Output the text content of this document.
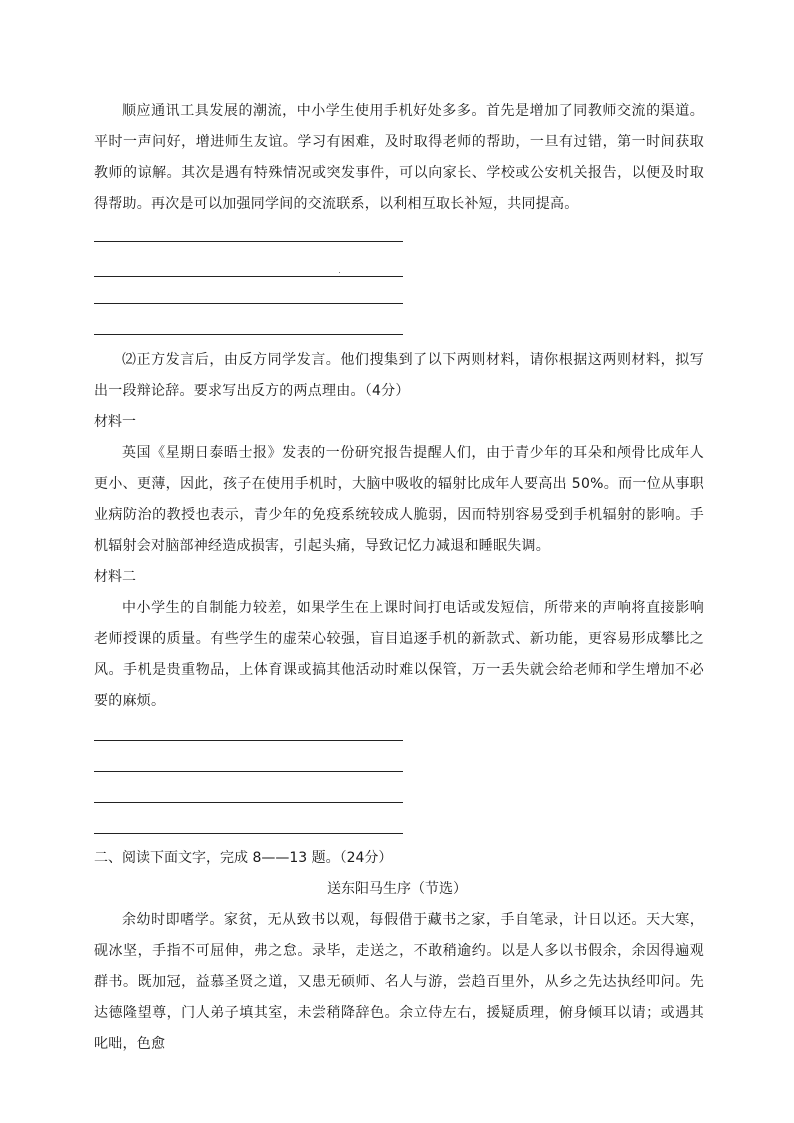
顺应通讯工具发展的潮流，中小学生使用手机好处多多。首先是增加了同教师交流的渠道。平时一声问好，增进师生友谊。学习有困难，及时取得老师的帮助，一旦有过错，第一时间获取教师的谅解。其次是遇有特殊情况或突发事件，可以向家长、学校或公安机关报告，以便及时取得帮助。再次是可以加强同学间的交流联系，以利相互取长补短，共同提高。

⑵正方发言后，由反方同学发言。他们搜集到了以下两则材料，请你根据这两则材料，拟写出一段辩论辞。要求写出反方的两点理由。（4分）

材料一

英国《星期日泰晤士报》发表的一份研究报告提醒人们，由于青少年的耳朵和颅骨比成年人更小、更薄，因此，孩子在使用手机时，大脑中吸收的辐射比成年人要高出 50%。而一位从事职业病防治的教授也表示，青少年的免疫系统较成人脆弱，因而特别容易受到手机辐射的影响。手机辐射会对脑部神经造成损害，引起头痛，导致记忆力减退和睡眠失调。

材料二

中小学生的自制能力较差，如果学生在上课时间打电话或发短信，所带来的声响将直接影响老师授课的质量。有些学生的虚荣心较强，盲目追逐手机的新款式、新功能，更容易形成攀比之风。手机是贵重物品，上体育课或搞其他活动时难以保管，万一丢失就会给老师和学生增加不必要的麻烦。

二、阅读下面文字，完成 8——13 题。（24分）

送东阳马生序（节选）

余幼时即嗜学。家贫，无从致书以观，每假借于藏书之家，手自笔录，计日以还。天大寒，砚冰坚，手指不可屈伸，弗之怠。录毕，走送之，不敢稍逾约。以是人多以书假余，余因得遍观群书。既加冠，益慕圣贤之道，又患无硕师、名人与游，尝趋百里外，从乡之先达执经叩问。先达德隆望尊，门人弟子填其室，未尝稍降辞色。余立侍左右，援疑质理，俯身倾耳以请；或遇其叱咄，色愈
